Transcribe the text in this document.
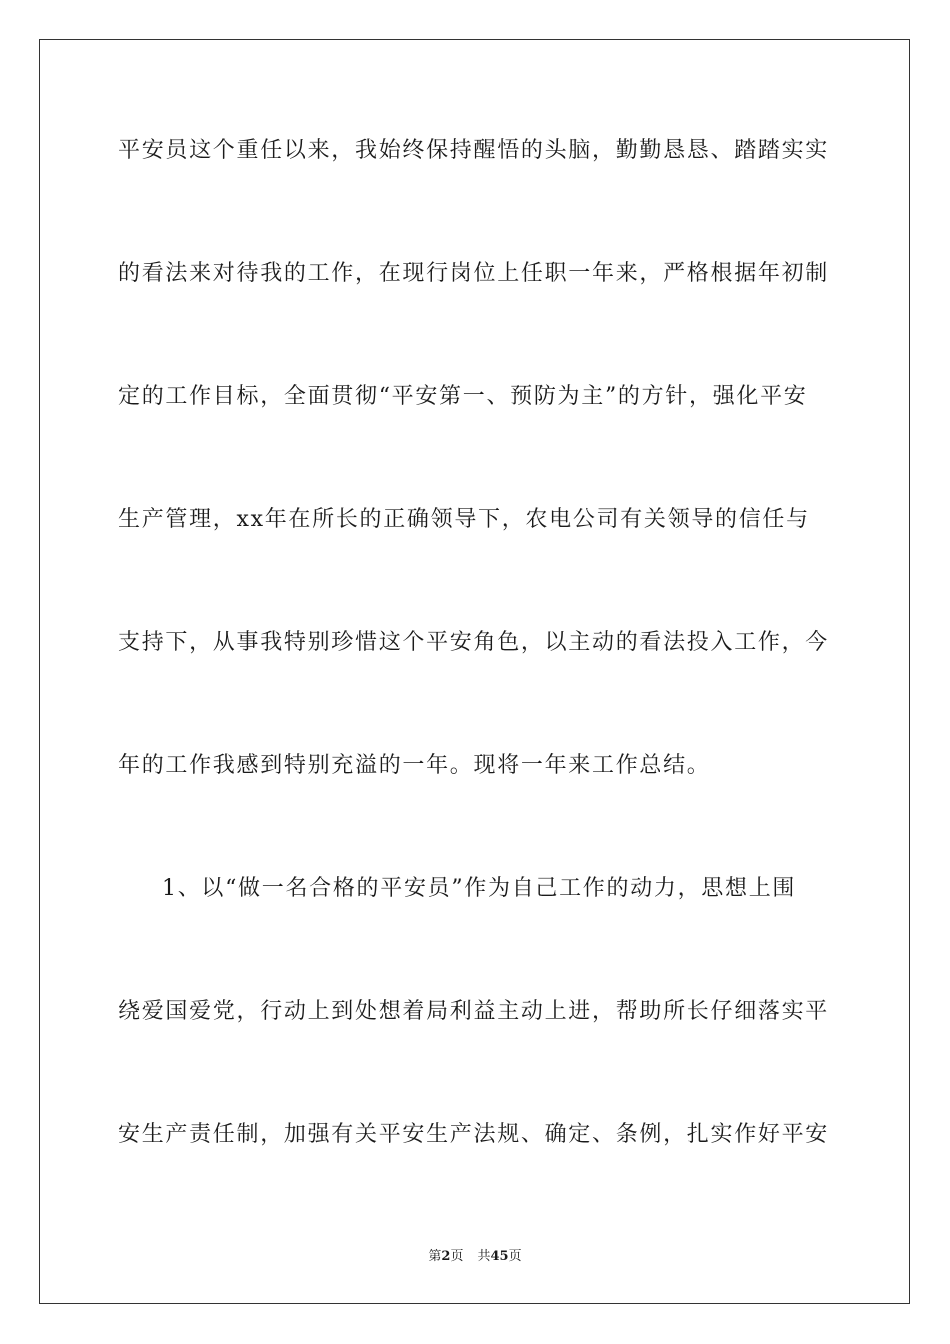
平安员这个重任以来，我始终保持醒悟的头脑，勤勤恳恳、踏踏实实
的看法来对待我的工作，在现行岗位上任职一年来，严格根据年初制
定的工作目标，全面贯彻“平安第一、预防为主”的方针，强化平安
生产管理，xx年在所长的正确领导下，农电公司有关领导的信任与
支持下，从事我特别珍惜这个平安角色，以主动的看法投入工作，今
年的工作我感到特别充溢的一年。现将一年来工作总结。
1、以“做一名合格的平安员”作为自己工作的动力，思想上围
绕爱国爱党，行动上到处想着局利益主动上进，帮助所长仔细落实平
安生产责任制，加强有关平安生产法规、确定、条例，扎实作好平安
第2页 共45页
